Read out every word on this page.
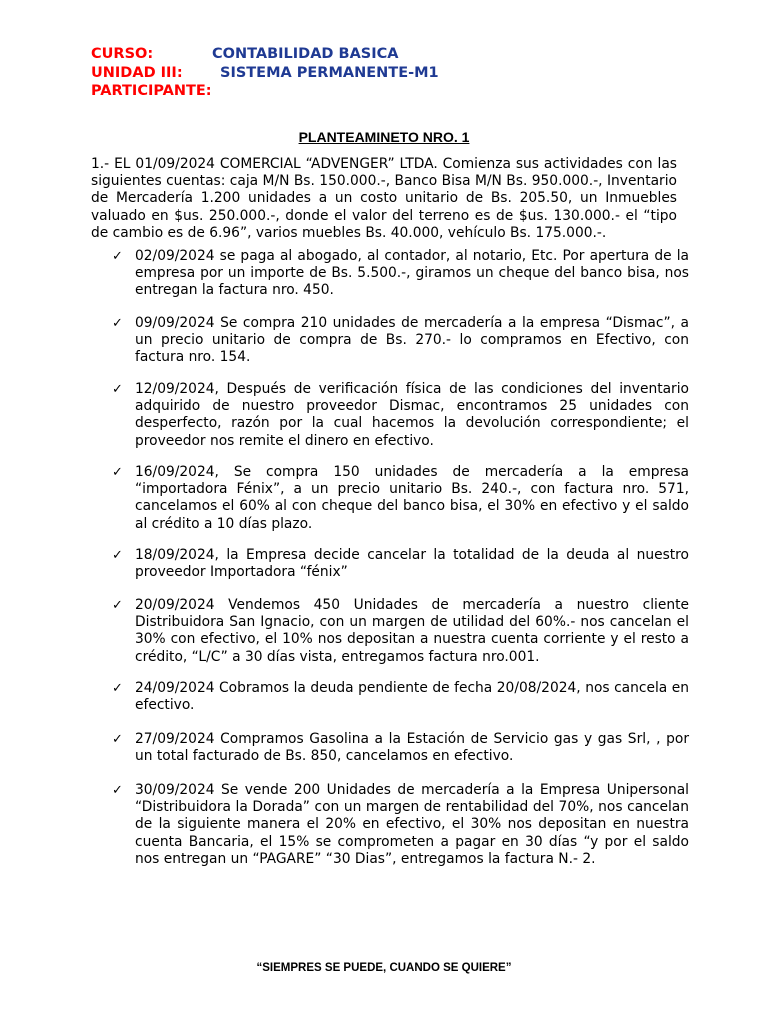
CURSO:	CONTABILIDAD BASICA
UNIDAD III:	SISTEMA PERMANENTE-M1
PARTICIPANTE:
PLANTEAMINETO NRO. 1
1.- EL 01/09/2024 COMERCIAL “ADVENGER” LTDA. Comienza sus actividades con las siguientes cuentas: caja M/N Bs. 150.000.-, Banco Bisa M/N Bs. 950.000.-, Inventario de Mercadería 1.200 unidades a un costo unitario de Bs. 205.50, un Inmuebles valuado en $us. 250.000.-, donde el valor del terreno es de $us. 130.000.- el “tipo de cambio es de 6.96”, varios muebles Bs. 40.000, vehículo Bs. 175.000.-.
✓ 02/09/2024 se paga al abogado, al contador, al notario, Etc. Por apertura de la empresa por un importe de Bs. 5.500.-, giramos un cheque del banco bisa, nos entregan la factura nro. 450.
✓ 09/09/2024 Se compra 210 unidades de mercadería a la empresa “Dismac”, a un precio unitario de compra de Bs. 270.- lo compramos en Efectivo, con factura nro. 154.
✓ 12/09/2024, Después de verificación física de las condiciones del inventario adquirido de nuestro proveedor Dismac, encontramos 25 unidades con desperfecto, razón por la cual hacemos la devolución correspondiente; el proveedor nos remite el dinero en efectivo.
✓ 16/09/2024, Se compra 150 unidades de mercadería a la empresa “importadora Fénix”, a un precio unitario Bs. 240.-, con factura nro. 571, cancelamos el 60% al con cheque del banco bisa, el 30% en efectivo y el saldo al crédito a 10 días plazo.
✓ 18/09/2024, la Empresa decide cancelar la totalidad de la deuda al nuestro proveedor Importadora “fénix”
✓ 20/09/2024 Vendemos 450 Unidades de mercadería a nuestro cliente Distribuidora San Ignacio, con un margen de utilidad del 60%.- nos cancelan el 30% con efectivo, el 10% nos depositan a nuestra cuenta corriente y el resto a crédito, “L/C” a 30 días vista, entregamos factura nro.001.
✓ 24/09/2024 Cobramos la deuda pendiente de fecha 20/08/2024, nos cancela en efectivo.
✓ 27/09/2024 Compramos Gasolina a la Estación de Servicio gas y gas Srl, , por un total facturado de Bs. 850, cancelamos en efectivo.
✓ 30/09/2024 Se vende 200 Unidades de mercadería a la Empresa Unipersonal “Distribuidora la Dorada” con un margen de rentabilidad del 70%, nos cancelan de la siguiente manera el 20% en efectivo, el 30% nos depositan en nuestra cuenta Bancaria, el 15% se comprometen a pagar en 30 días “y por el saldo nos entregan un “PAGARE” “30 Dias”, entregamos la factura N.- 2.
“SIEMPRES SE PUEDE, CUANDO SE QUIERE”
